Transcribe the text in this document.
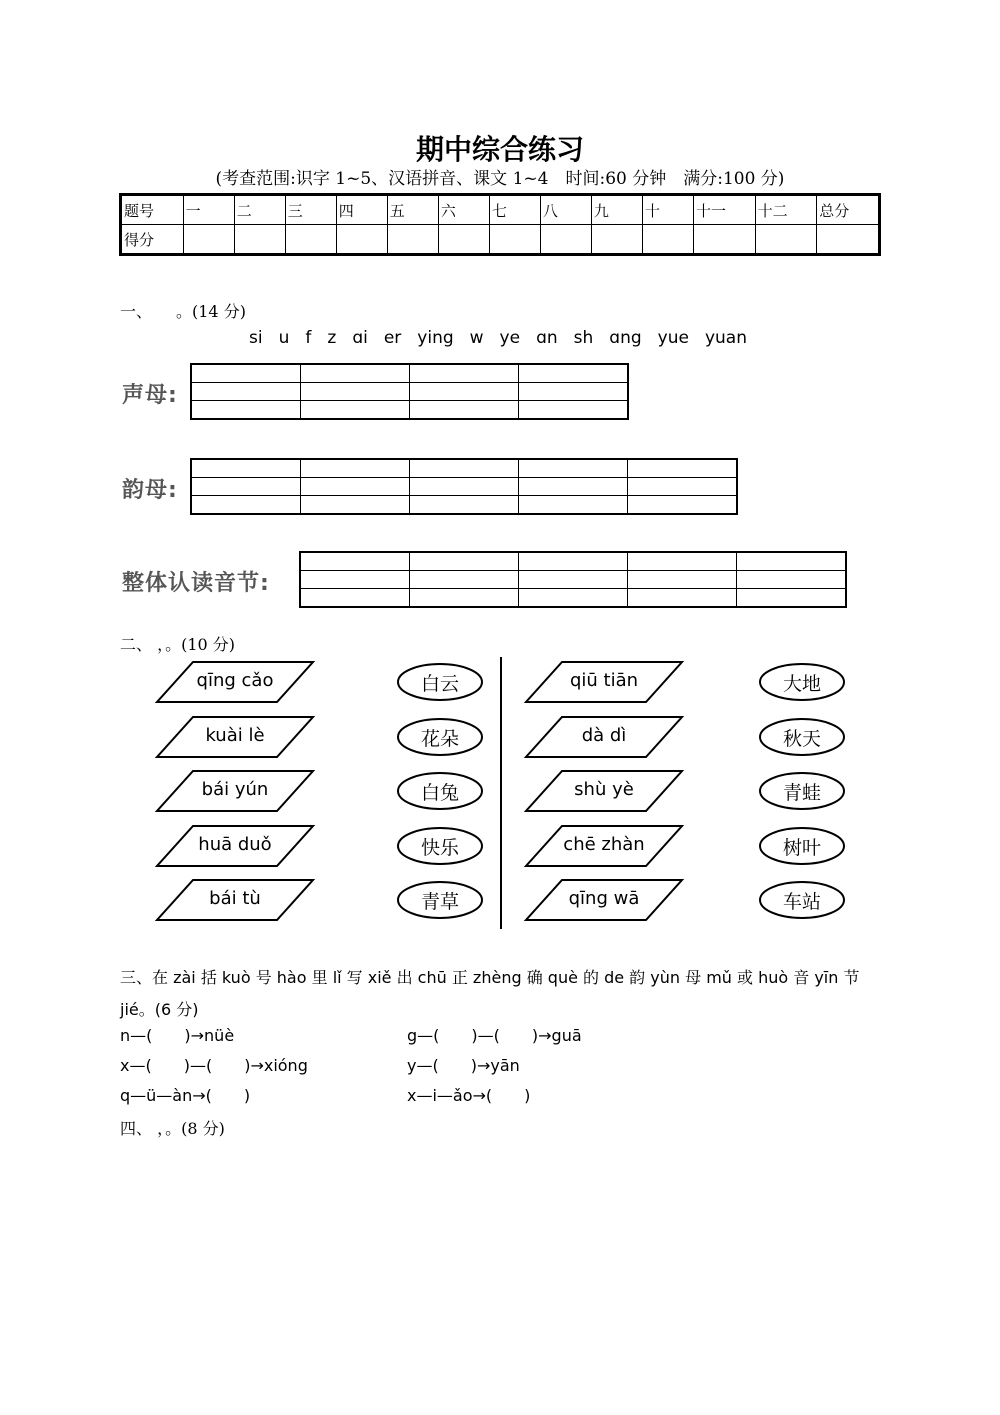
期中综合练习
(考查范围:识字 1~5、汉语拼音、课文 1~4　时间:60 分钟　满分:100 分)
题号	一	二	三	四	五	六	七	八	九	十	十一	十二	总分
得分													
一、　　。(14 分)
si u f z ɑi er ying w ye ɑn sh ɑng yue yuan
声母:

韵母:

整体认读音节:

二、 ，。(10 分)
qīng cǎo	白云	qiū tiān	大地
kuài lè	花朵	dà dì	秋天
bái yún	白兔	shù yè	青蛙
huā duǒ	快乐	chē zhàn	树叶
bái tù	青草	qīng wā	车站
三、在 zài 括 kuò 号 hào 里 lǐ 写 xiě 出 chū 正 zhèng 确 què 的 de 韵 yùn 母 mǔ 或 huò 音 yīn 节 jié。(6 分)
n—(　　)→nüè	g—(　　)—(　　)→guā
x—(　　)—(　　)→xióng	y—(　　)→yān
q—ü—àn→(　　)	x—i—ǎo→(　　)
四、 ，。(8 分)
